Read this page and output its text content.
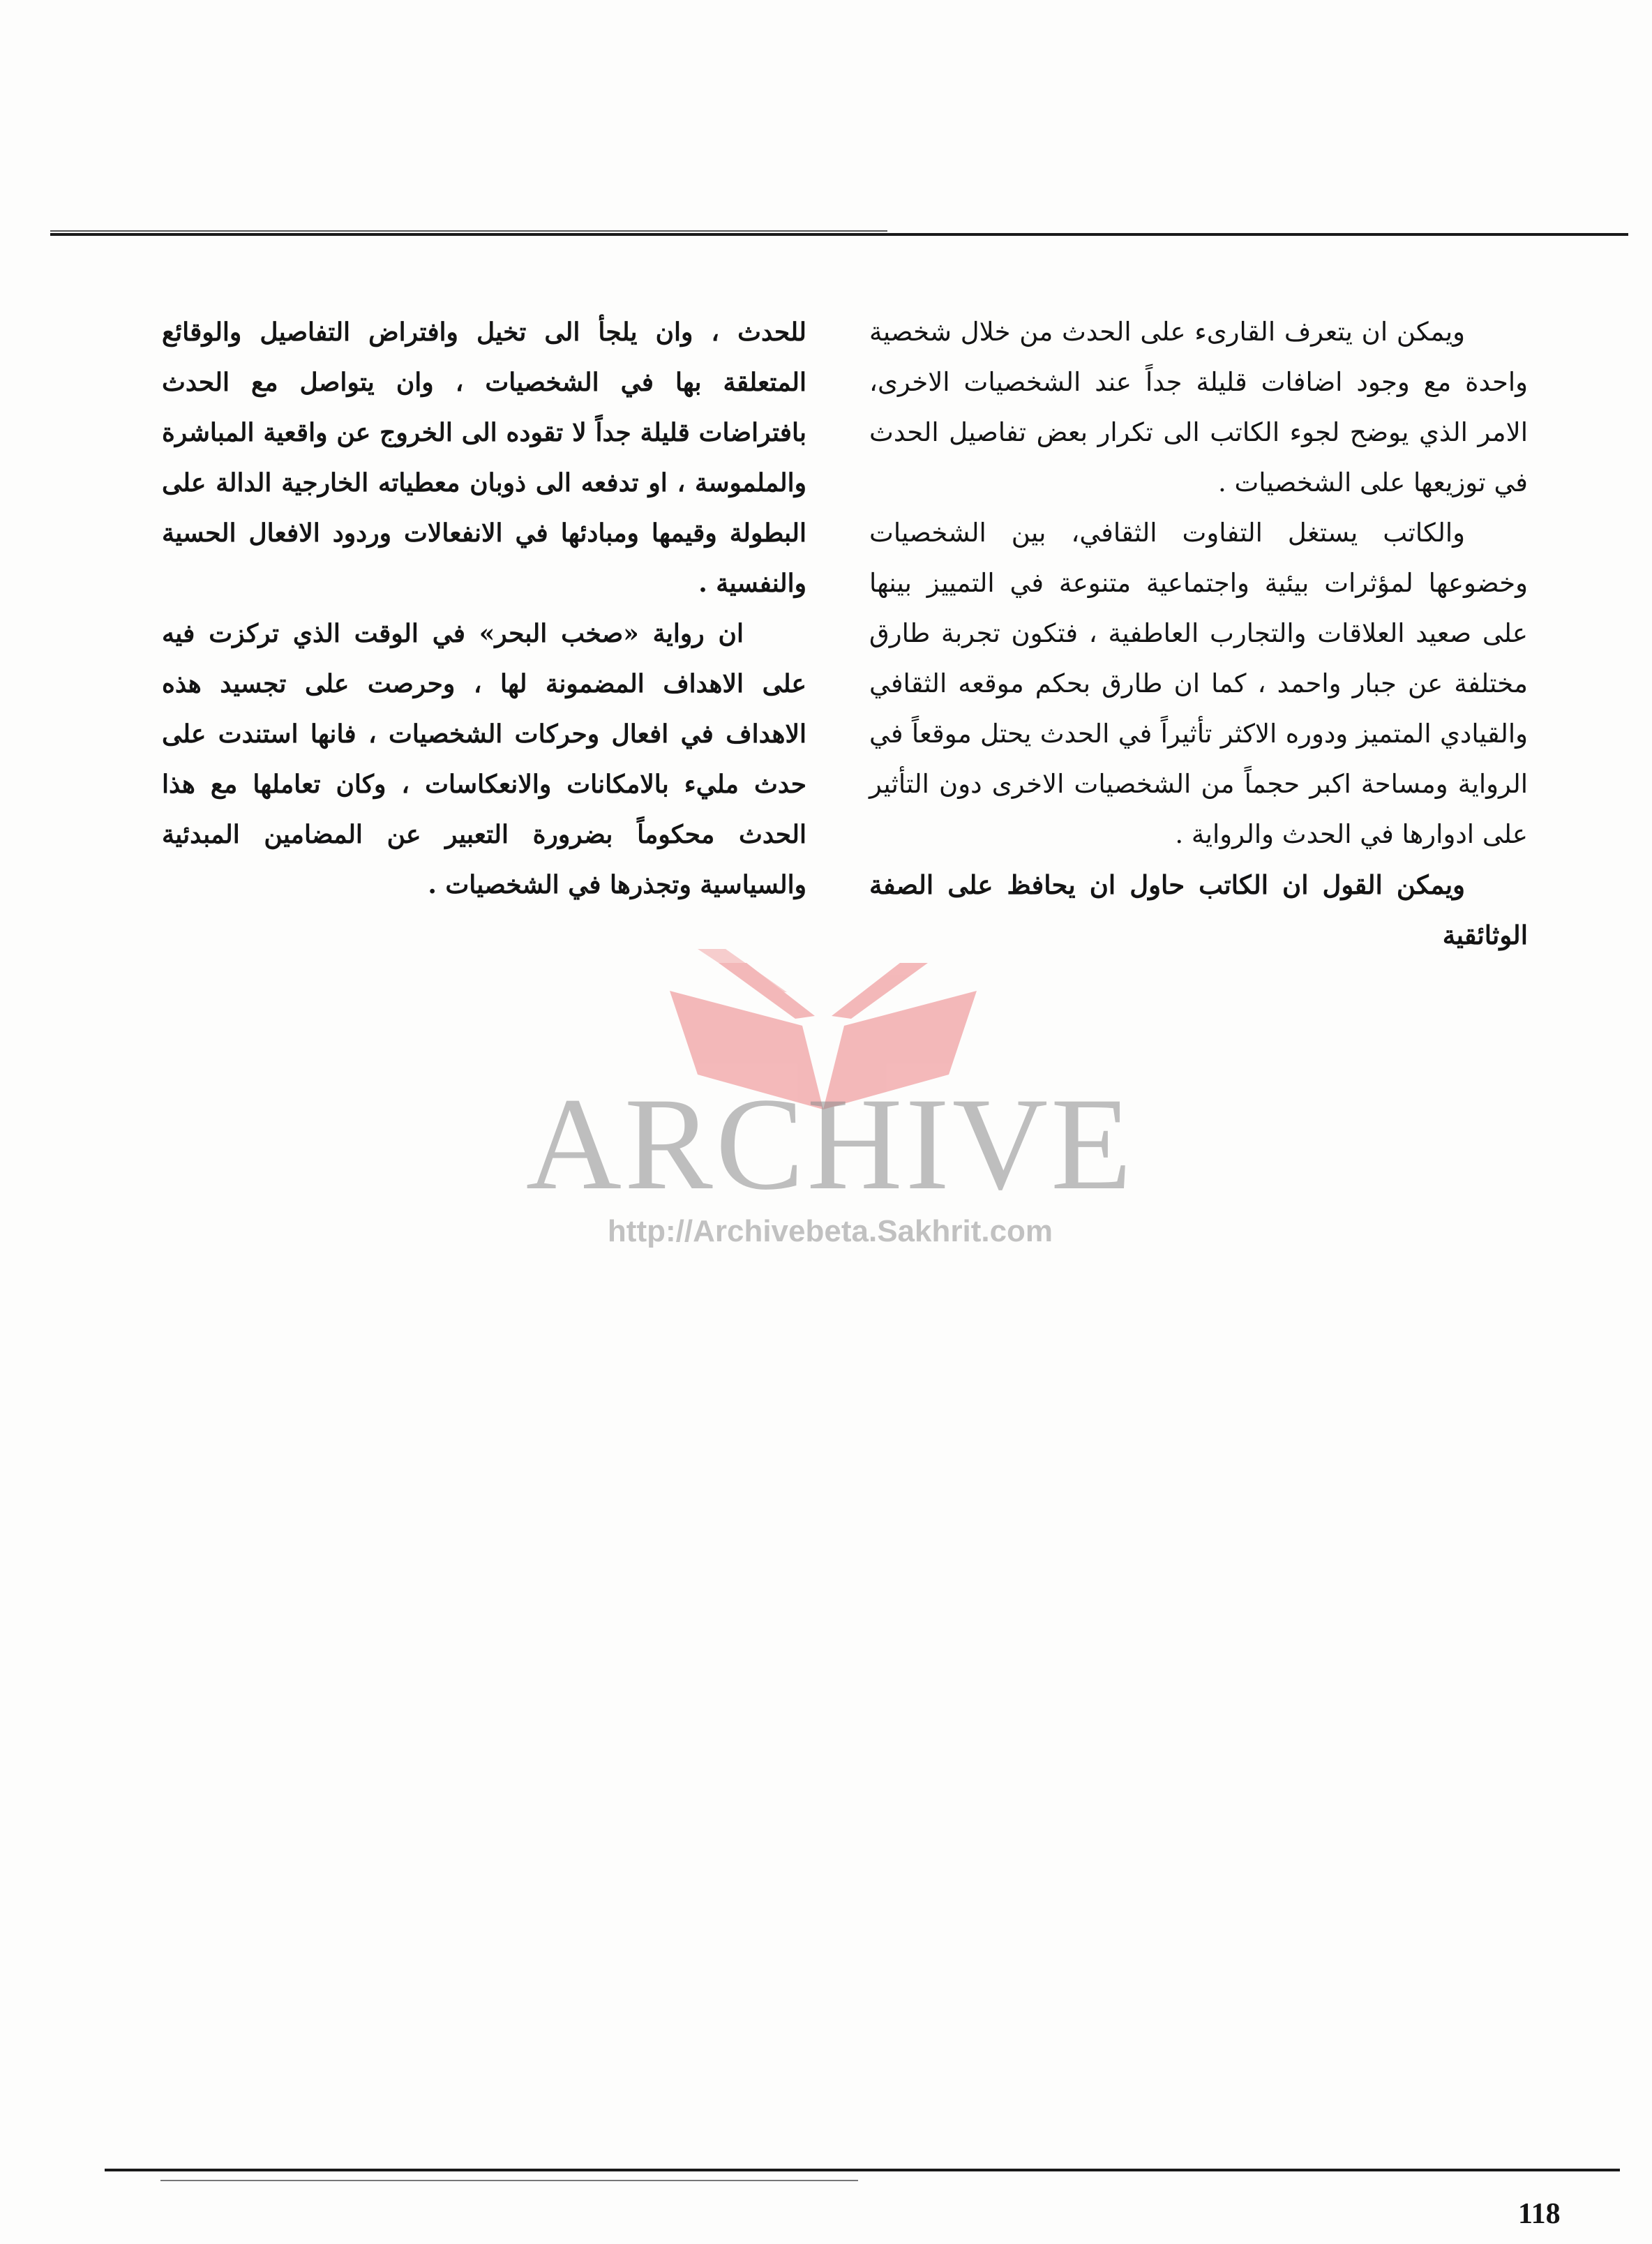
ويمكن ان يتعرف القارىء على الحدث من خلال شخصية واحدة مع وجود اضافات قليلة جداً عند الشخصيات الاخرى، الامر الذي يوضح لجوء الكاتب الى تكرار بعض تفاصيل الحدث في توزيعها على الشخصيات .

والكاتب يستغل التفاوت الثقافي، بين الشخصيات وخضوعها لمؤثرات بيئية واجتماعية متنوعة في التمييز بينها على صعيد العلاقات والتجارب العاطفية ، فتكون تجربة طارق مختلفة عن جبار واحمد ، كما ان طارق بحكم موقعه الثقافي والقيادي المتميز ودوره الاكثر تأثيراً في الحدث يحتل موقعاً في الرواية ومساحة اكبر حجماً من الشخصيات الاخرى دون التأثير على ادوارها في الحدث والرواية .

ويمكن القول ان الكاتب حاول ان يحافظ على الصفة الوثائقية

للحدث ، وان يلجأ الى تخيل وافتراض التفاصيل والوقائع المتعلقة بها في الشخصيات ، وان يتواصل مع الحدث بافتراضات قليلة جداً لا تقوده الى الخروج عن واقعية المباشرة والملموسة ، او تدفعه الى ذوبان معطياته الخارجية الدالة على البطولة وقيمها ومبادئها في الانفعالات وردود الافعال الحسية والنفسية .

ان رواية «صخب البحر» في الوقت الذي تركزت فيه على الاهداف المضمونة لها ، وحرصت على تجسيد هذه الاهداف في افعال وحركات الشخصيات ، فانها استندت على حدث مليء بالامكانات والانعكاسات ، وكان تعاملها مع هذا الحدث محكوماً بضرورة التعبير عن المضامين المبدئية والسياسية وتجذرها في الشخصيات .

ARCHIVE
http://Archivebeta.Sakhrit.com
118
